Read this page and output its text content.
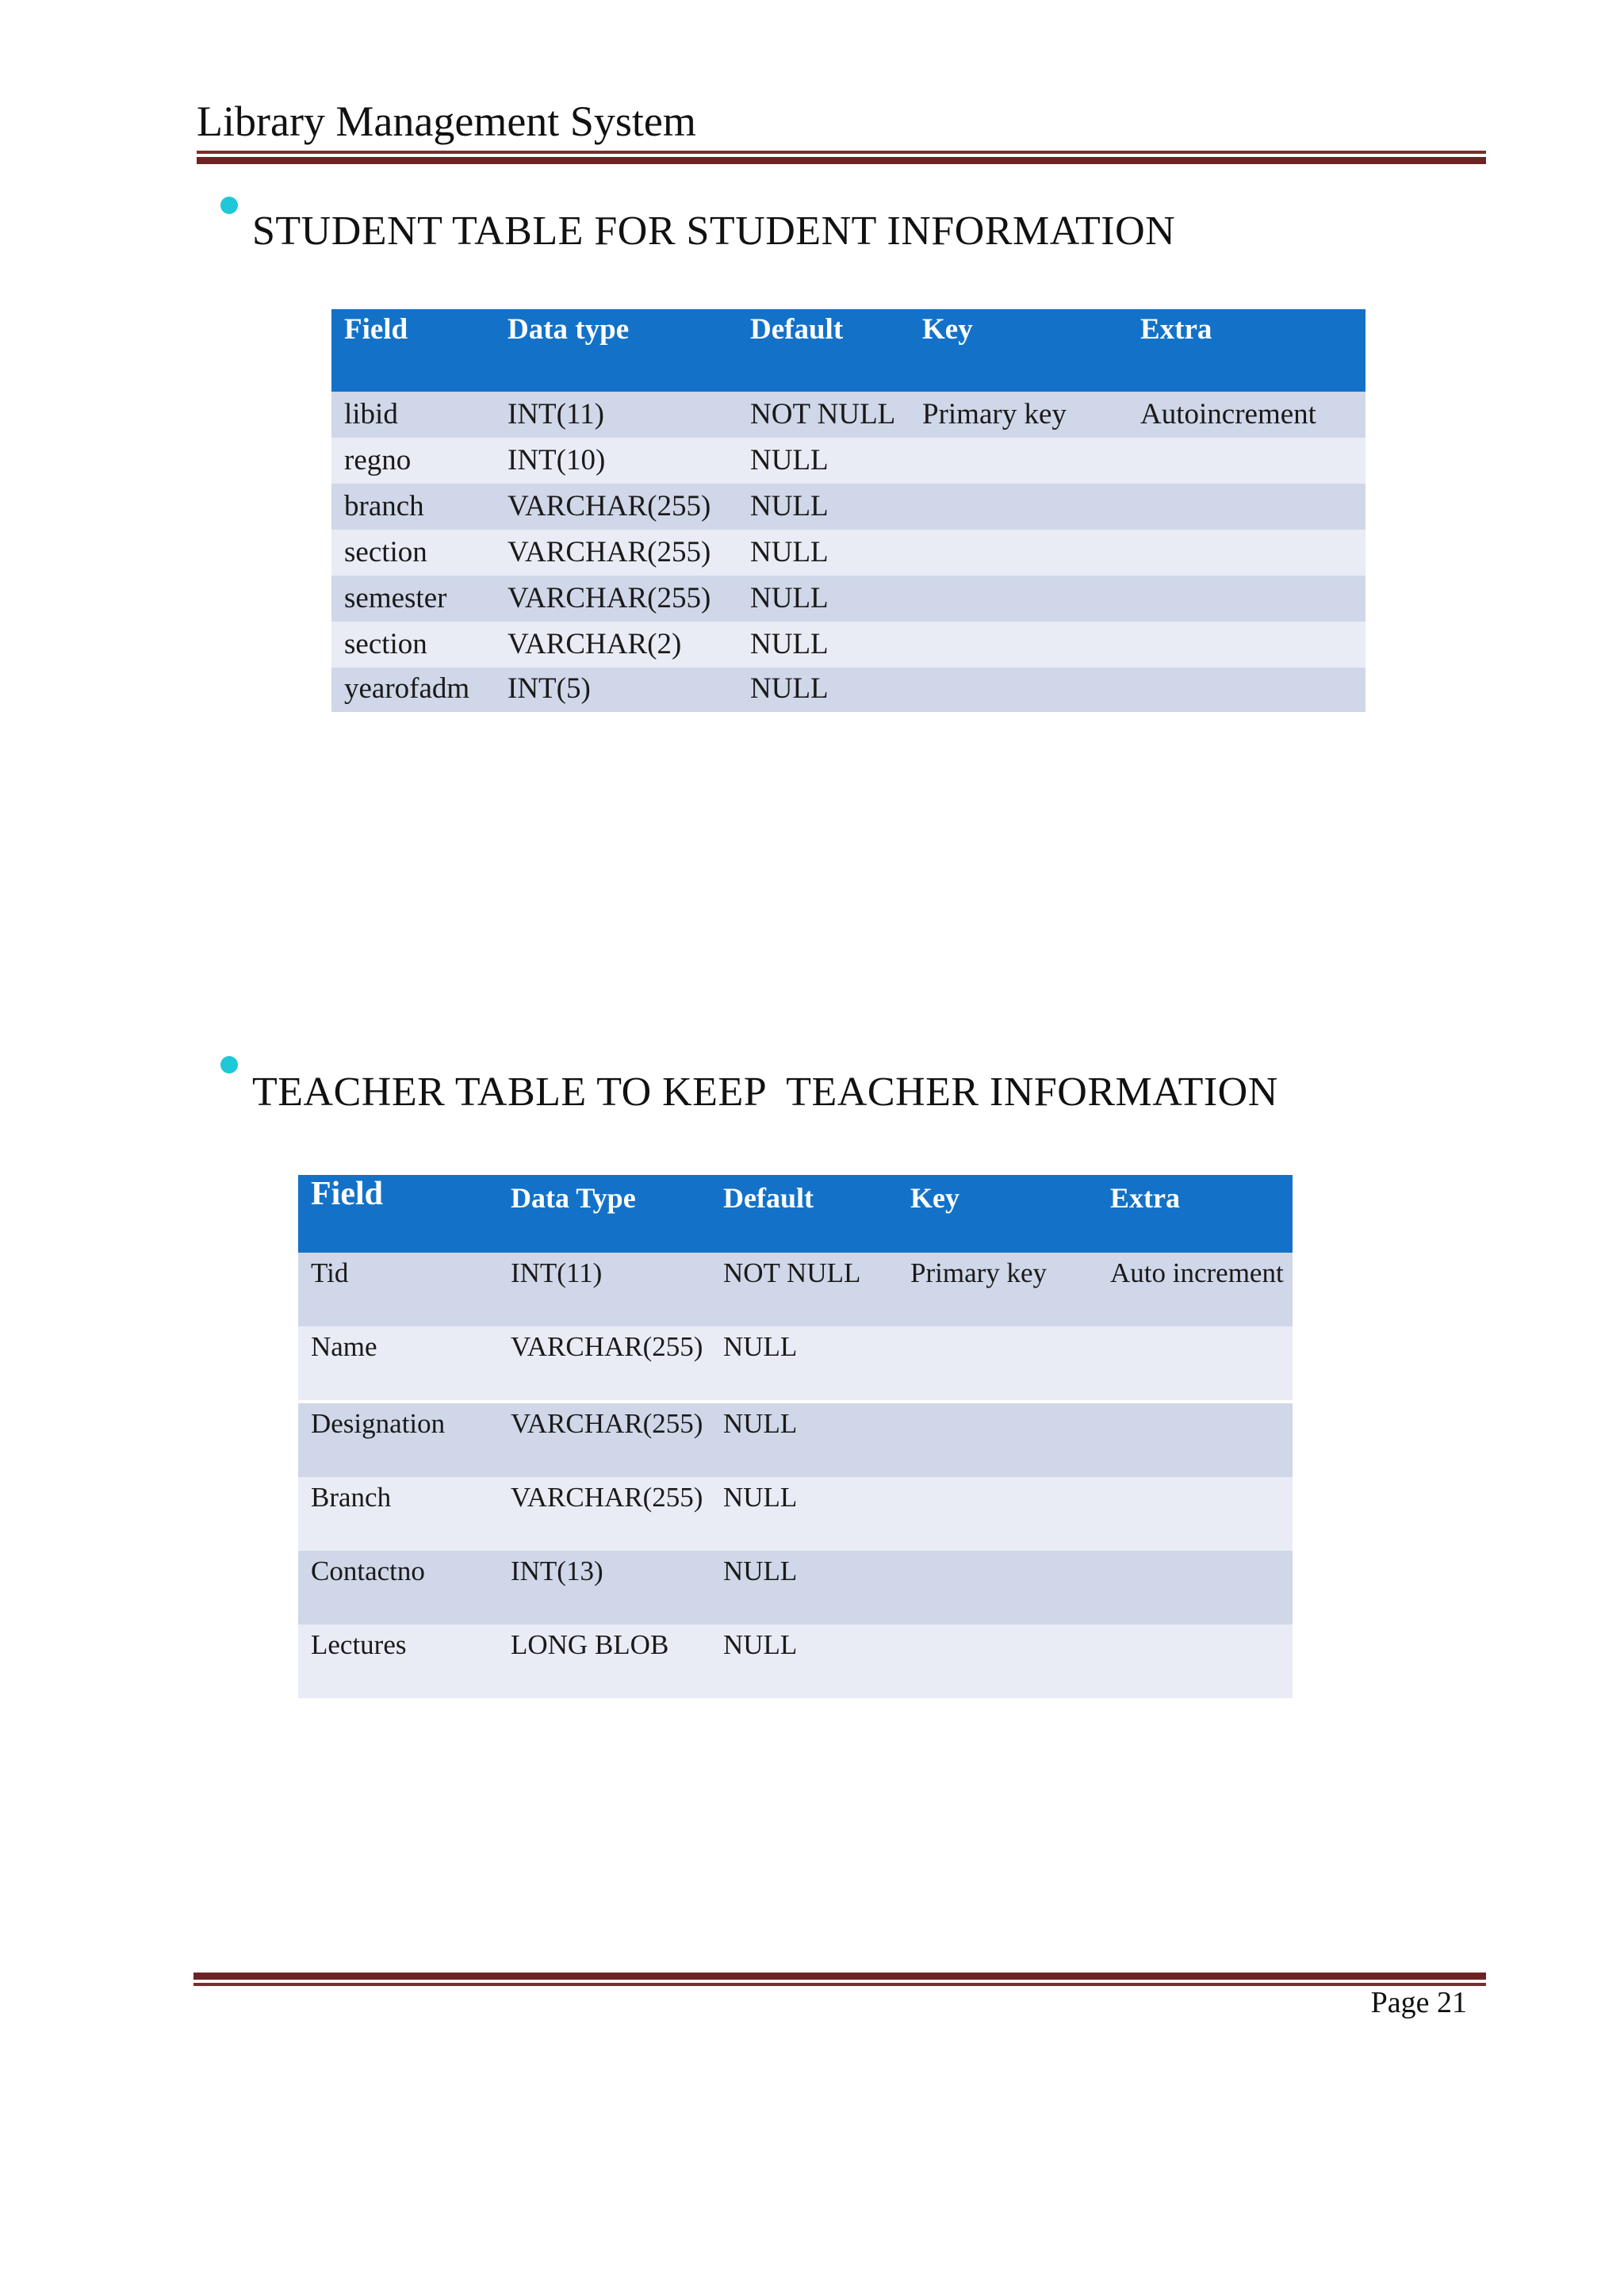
Library Management System
STUDENT TABLE FOR STUDENT INFORMATION
Field	Data type	Default	Key	Extra
libid	INT(11)	NOT NULL	Primary key	Autoincrement
regno	INT(10)	NULL		
branch	VARCHAR(255)	NULL		
section	VARCHAR(255)	NULL		
semester	VARCHAR(255)	NULL		
section	VARCHAR(2)	NULL		
yearofadm	INT(5)	NULL		
TEACHER TABLE TO KEEP  TEACHER INFORMATION
Field	Data Type	Default	Key	Extra
Tid	INT(11)	NOT NULL	Primary key	Auto increment
Name	VARCHAR(255)	NULL		
Designation	VARCHAR(255)	NULL		
Branch	VARCHAR(255)	NULL		
Contactno	INT(13)	NULL		
Lectures	LONG BLOB	NULL		
Page 21
